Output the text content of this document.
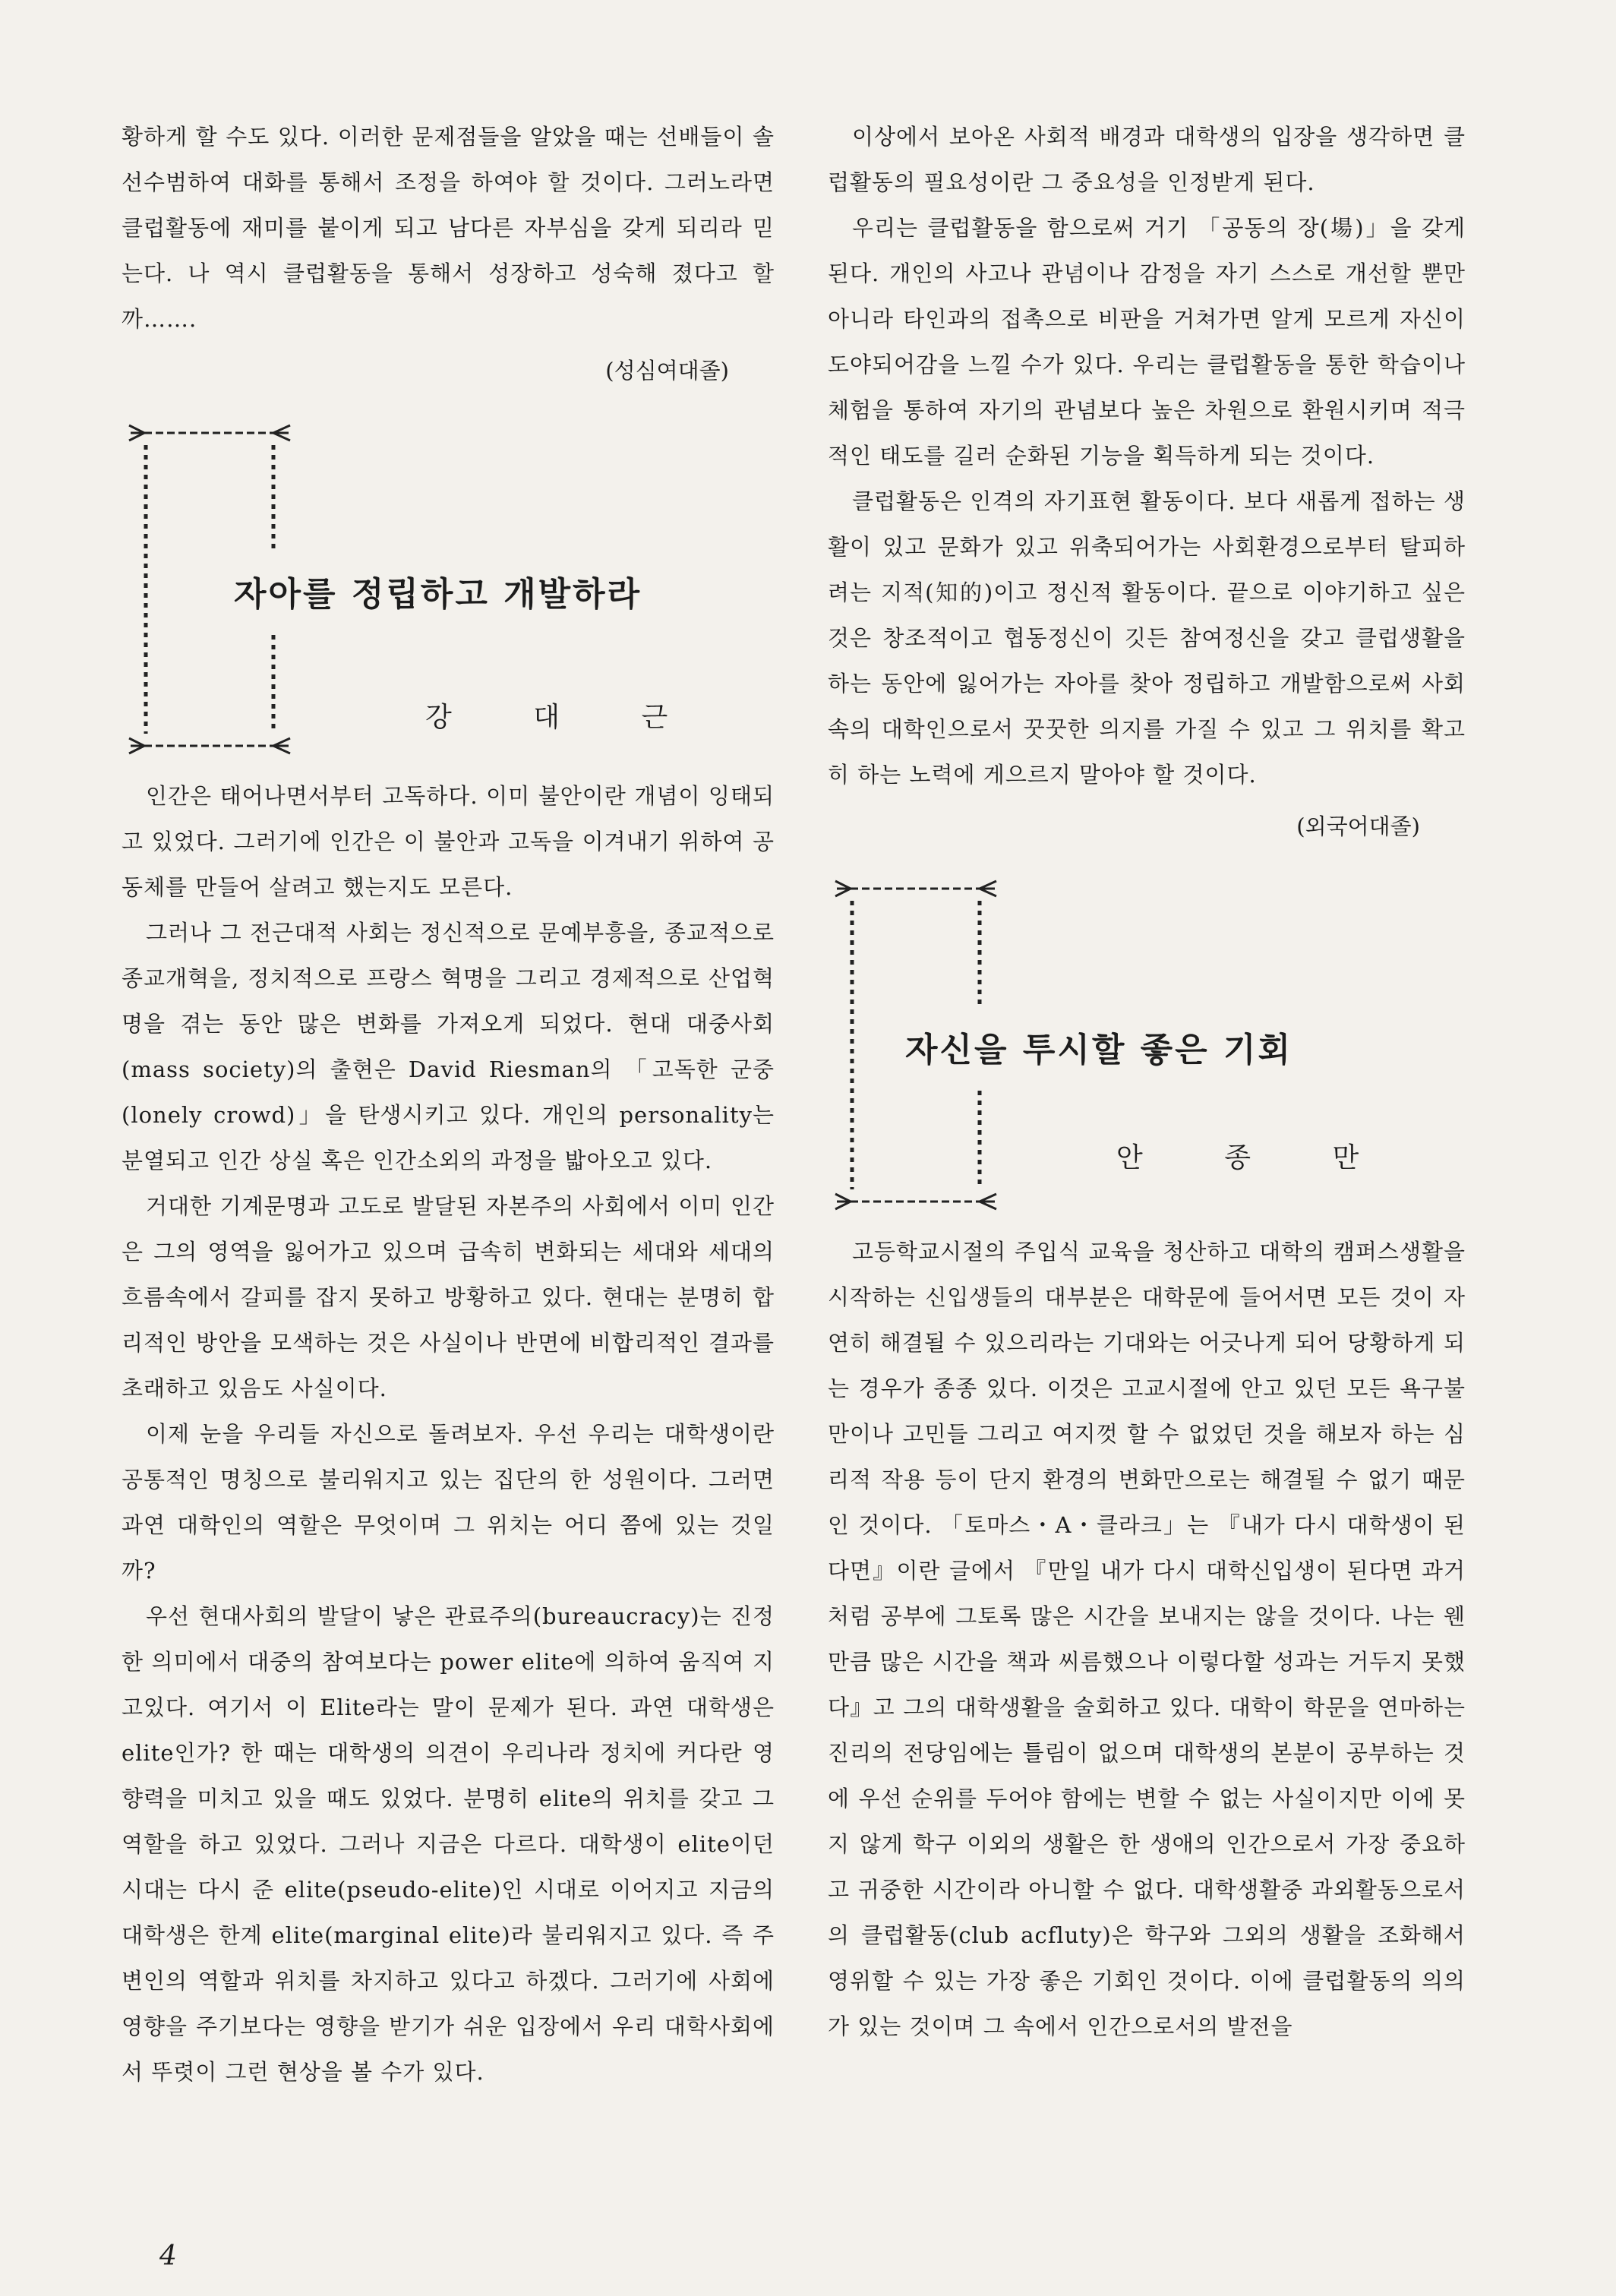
황하게 할 수도 있다. 이러한 문제점들을 알았을 때는 선배들이 솔선수범하여 대화를 통해서 조정을 하여야 할 것이다. 그러노라면 클럽활동에 재미를 붙이게 되고 남다른 자부심을 갖게 되리라 믿는다. 나 역시 클럽활동을 통해서 성장하고 성숙해 졌다고 할까…….

(성심여대졸)
자아를 정립하고 개발하라
강 대 근

인간은 태어나면서부터 고독하다. 이미 불안이란 개념이 잉태되고 있었다. 그러기에 인간은 이 불안과 고독을 이겨내기 위하여 공동체를 만들어 살려고 했는지도 모른다.

그러나 그 전근대적 사회는 정신적으로 문예부흥을, 종교적으로 종교개혁을, 정치적으로 프랑스 혁명을 그리고 경제적으로 산업혁명을 겪는 동안 많은 변화를 가져오게 되었다. 현대 대중사회(mass society)의 출현은 David Riesman의 「고독한 군중(lonely crowd)」을 탄생시키고 있다. 개인의 personality는 분열되고 인간 상실 혹은 인간소외의 과정을 밟아오고 있다.

거대한 기계문명과 고도로 발달된 자본주의 사회에서 이미 인간은 그의 영역을 잃어가고 있으며 급속히 변화되는 세대와 세대의 흐름속에서 갈피를 잡지 못하고 방황하고 있다. 현대는 분명히 합리적인 방안을 모색하는 것은 사실이나 반면에 비합리적인 결과를 초래하고 있음도 사실이다.

이제 눈을 우리들 자신으로 돌려보자. 우선 우리는 대학생이란 공통적인 명칭으로 불리워지고 있는 집단의 한 성원이다. 그러면 과연 대학인의 역할은 무엇이며 그 위치는 어디 쯤에 있는 것일까?

우선 현대사회의 발달이 낳은 관료주의(bureaucracy)는 진정한 의미에서 대중의 참여보다는 power elite에 의하여 움직여 지고있다. 여기서 이 Elite라는 말이 문제가 된다. 과연 대학생은 elite인가? 한 때는 대학생의 의견이 우리나라 정치에 커다란 영향력을 미치고 있을 때도 있었다. 분명히 elite의 위치를 갖고 그 역할을 하고 있었다. 그러나 지금은 다르다. 대학생이 elite이던 시대는 다시 준 elite(pseudo-elite)인 시대로 이어지고 지금의 대학생은 한계 elite(marginal elite)라 불리워지고 있다. 즉 주변인의 역할과 위치를 차지하고 있다고 하겠다. 그러기에 사회에 영향을 주기보다는 영향을 받기가 쉬운 입장에서 우리 대학사회에서 뚜렷이 그런 현상을 볼 수가 있다.

이상에서 보아온 사회적 배경과 대학생의 입장을 생각하면 클럽활동의 필요성이란 그 중요성을 인정받게 된다.

우리는 클럽활동을 함으로써 거기 「공동의 장(場)」을 갖게 된다. 개인의 사고나 관념이나 감정을 자기 스스로 개선할 뿐만 아니라 타인과의 접촉으로 비판을 거쳐가면 알게 모르게 자신이 도야되어감을 느낄 수가 있다. 우리는 클럽활동을 통한 학습이나 체험을 통하여 자기의 관념보다 높은 차원으로 환원시키며 적극적인 태도를 길러 순화된 기능을 획득하게 되는 것이다.

클럽활동은 인격의 자기표현 활동이다. 보다 새롭게 접하는 생활이 있고 문화가 있고 위축되어가는 사회환경으로부터 탈피하려는 지적(知的)이고 정신적 활동이다. 끝으로 이야기하고 싶은 것은 창조적이고 협동정신이 깃든 참여정신을 갖고 클럽생활을 하는 동안에 잃어가는 자아를 찾아 정립하고 개발함으로써 사회 속의 대학인으로서 꿋꿋한 의지를 가질 수 있고 그 위치를 확고히 하는 노력에 게으르지 말아야 할 것이다.

(외국어대졸)
자신을 투시할 좋은 기회
안 종 만

고등학교시절의 주입식 교육을 청산하고 대학의 캠퍼스생활을 시작하는 신입생들의 대부분은 대학문에 들어서면 모든 것이 자연히 해결될 수 있으리라는 기대와는 어긋나게 되어 당황하게 되는 경우가 종종 있다. 이것은 고교시절에 안고 있던 모든 욕구불만이나 고민들 그리고 여지껏 할 수 없었던 것을 해보자 하는 심리적 작용 등이 단지 환경의 변화만으로는 해결될 수 없기 때문인 것이다. 「토마스・A・클라크」는 『내가 다시 대학생이 된다면』이란 글에서 『만일 내가 다시 대학신입생이 된다면 과거처럼 공부에 그토록 많은 시간을 보내지는 않을 것이다. 나는 웬만큼 많은 시간을 책과 씨름했으나 이렇다할 성과는 거두지 못했다』고 그의 대학생활을 술회하고 있다. 대학이 학문을 연마하는 진리의 전당임에는 틀림이 없으며 대학생의 본분이 공부하는 것에 우선 순위를 두어야 함에는 변할 수 없는 사실이지만 이에 못지 않게 학구 이외의 생활은 한 생애의 인간으로서 가장 중요하고 귀중한 시간이라 아니할 수 없다. 대학생활중 과외활동으로서의 클럽활동(club acfluty)은 학구와 그외의 생활을 조화해서 영위할 수 있는 가장 좋은 기회인 것이다. 이에 클럽활동의 의의가 있는 것이며 그 속에서 인간으로서의 발전을

4
